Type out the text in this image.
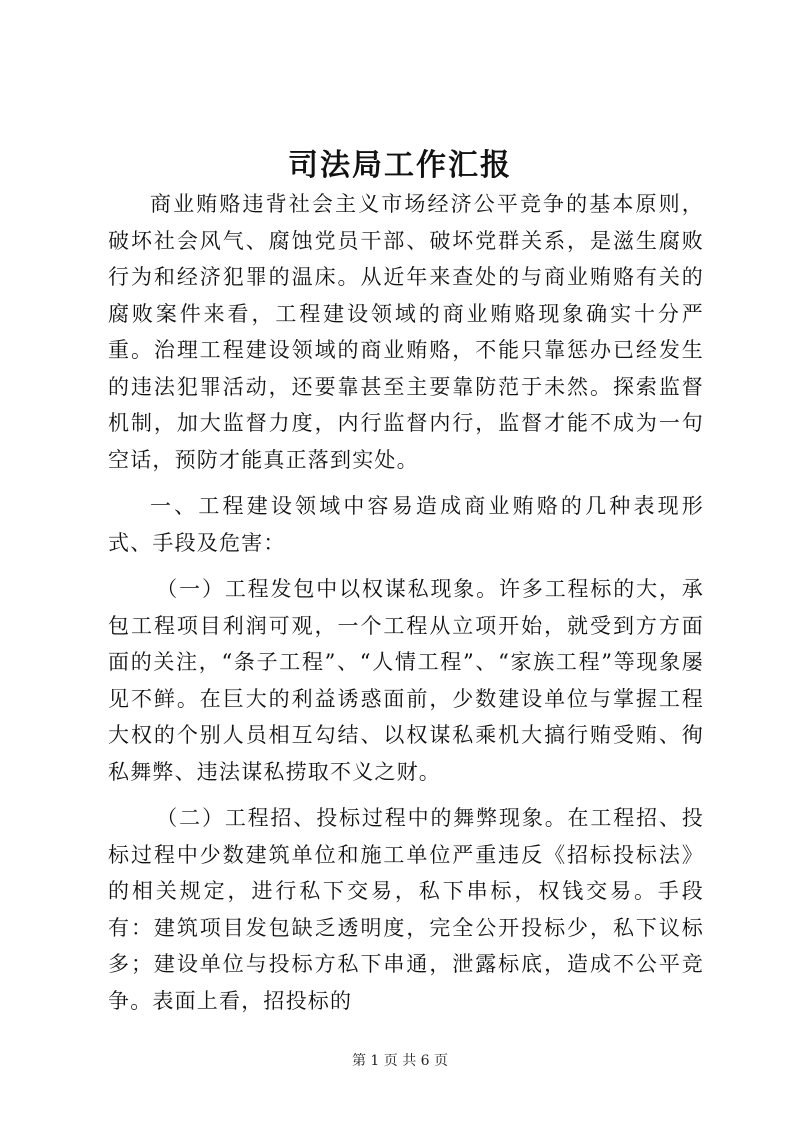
司法局工作汇报

商业贿赂违背社会主义市场经济公平竞争的基本原则，破坏社会风气、腐蚀党员干部、破坏党群关系，是滋生腐败行为和经济犯罪的温床。从近年来查处的与商业贿赂有关的腐败案件来看，工程建设领域的商业贿赂现象确实十分严重。治理工程建设领域的商业贿赂，不能只靠惩办已经发生的违法犯罪活动，还要靠甚至主要靠防范于未然。探索监督机制，加大监督力度，内行监督内行，监督才能不成为一句空话，预防才能真正落到实处。

一、工程建设领域中容易造成商业贿赂的几种表现形式、手段及危害：

（一）工程发包中以权谋私现象。许多工程标的大，承包工程项目利润可观，一个工程从立项开始，就受到方方面面的关注，“条子工程”、“人情工程”、“家族工程”等现象屡见不鲜。在巨大的利益诱惑面前，少数建设单位与掌握工程大权的个别人员相互勾结、以权谋私乘机大搞行贿受贿、徇私舞弊、违法谋私捞取不义之财。

（二）工程招、投标过程中的舞弊现象。在工程招、投标过程中少数建筑单位和施工单位严重违反《招标投标法》的相关规定，进行私下交易，私下串标，权钱交易。手段有：建筑项目发包缺乏透明度，完全公开投标少，私下议标多；建设单位与投标方私下串通，泄露标底，造成不公平竞争。表面上看，招投标的

第 1 页 共 6 页
